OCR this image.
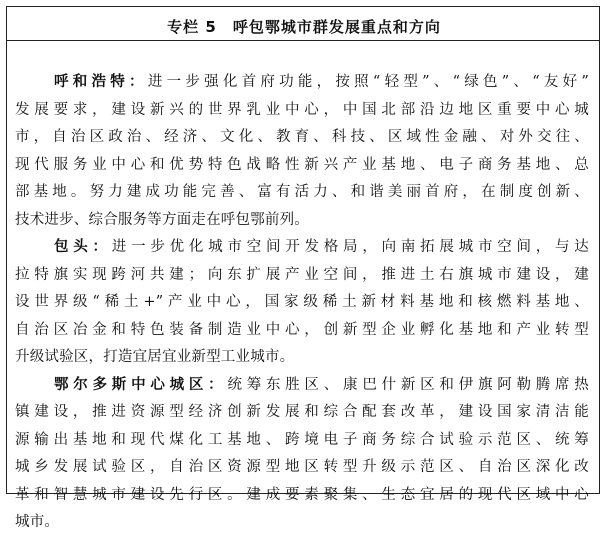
专栏 5 呼包鄂城市群发展重点和方向
呼和浩特：进一步强化首府功能，按照“轻型”、“绿色”、“友好”
发展要求，建设新兴的世界乳业中心，中国北部沿边地区重要中心城
市，自治区政治、经济、文化、教育、科技、区域性金融、对外交往、
现代服务业中心和优势特色战略性新兴产业基地、电子商务基地、总
部基地。努力建成功能完善、富有活力、和谐美丽首府，在制度创新、
技术进步、综合服务等方面走在呼包鄂前列。
包头：进一步优化城市空间开发格局，向南拓展城市空间，与达
拉特旗实现跨河共建；向东扩展产业空间，推进土右旗城市建设，建
设世界级“稀土+”产业中心，国家级稀土新材料基地和核燃料基地、
自治区冶金和特色装备制造业中心，创新型企业孵化基地和产业转型
升级试验区，打造宜居宜业新型工业城市。
鄂尔多斯中心城区：统筹东胜区、康巴什新区和伊旗阿勒腾席热
镇建设，推进资源型经济创新发展和综合配套改革，建设国家清洁能
源输出基地和现代煤化工基地、跨境电子商务综合试验示范区、统筹
城乡发展试验区，自治区资源型地区转型升级示范区、自治区深化改
革和智慧城市建设先行区。建成要素聚集、生态宜居的现代区域中心
城市。
